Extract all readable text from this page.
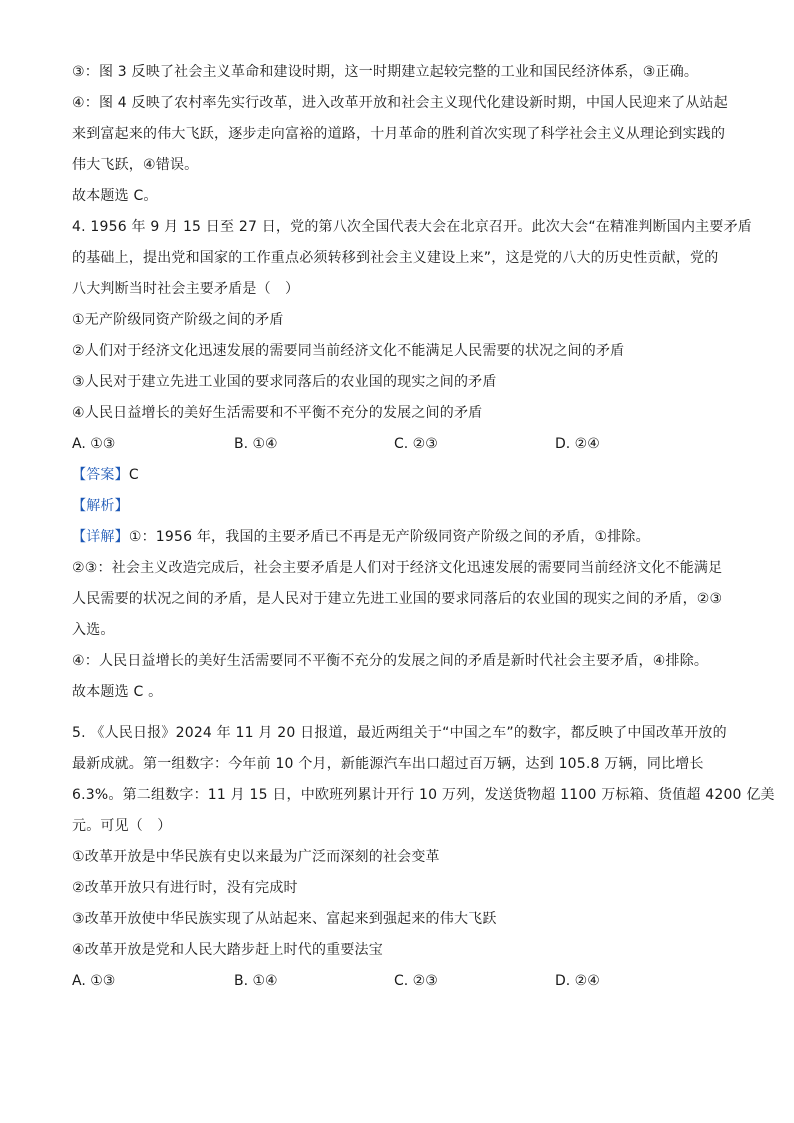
③：图 3 反映了社会主义革命和建设时期，这一时期建立起较完整的工业和国民经济体系，③正确。
④：图 4 反映了农村率先实行改革，进入改革开放和社会主义现代化建设新时期，中国人民迎来了从站起
来到富起来的伟大飞跃，逐步走向富裕的道路，十月革命的胜利首次实现了科学社会主义从理论到实践的
伟大飞跃，④错误。
故本题选 C。
4. 1956 年 9 月 15 日至 27 日，党的第八次全国代表大会在北京召开。此次大会“在精准判断国内主要矛盾
的基础上，提出党和国家的工作重点必须转移到社会主义建设上来”，这是党的八大的历史性贡献，党的
八大判断当时社会主要矛盾是（　）
①无产阶级同资产阶级之间的矛盾
②人们对于经济文化迅速发展的需要同当前经济文化不能满足人民需要的状况之间的矛盾
③人民对于建立先进工业国的要求同落后的农业国的现实之间的矛盾
④人民日益增长的美好生活需要和不平衡不充分的发展之间的矛盾
A. ①③	B. ①④	C. ②③	D. ②④
【答案】C
【解析】
【详解】①：1956 年，我国的主要矛盾已不再是无产阶级同资产阶级之间的矛盾，①排除。
②③：社会主义改造完成后，社会主要矛盾是人们对于经济文化迅速发展的需要同当前经济文化不能满足
人民需要的状况之间的矛盾，是人民对于建立先进工业国的要求同落后的农业国的现实之间的矛盾，②③
入选。
④：人民日益增长的美好生活需要同不平衡不充分的发展之间的矛盾是新时代社会主要矛盾，④排除。
故本题选 C 。
5. 《人民日报》2024 年 11 月 20 日报道，最近两组关于“中国之车”的数字，都反映了中国改革开放的
最新成就。第一组数字：今年前 10 个月，新能源汽车出口超过百万辆，达到 105.8 万辆，同比增长
6.3%。第二组数字：11 月 15 日，中欧班列累计开行 10 万列，发送货物超 1100 万标箱、货值超 4200 亿美
元。可见（　）
①改革开放是中华民族有史以来最为广泛而深刻的社会变革
②改革开放只有进行时，没有完成时
③改革开放使中华民族实现了从站起来、富起来到强起来的伟大飞跃
④改革开放是党和人民大踏步赶上时代的重要法宝
A. ①③	B. ①④	C. ②③	D. ②④
